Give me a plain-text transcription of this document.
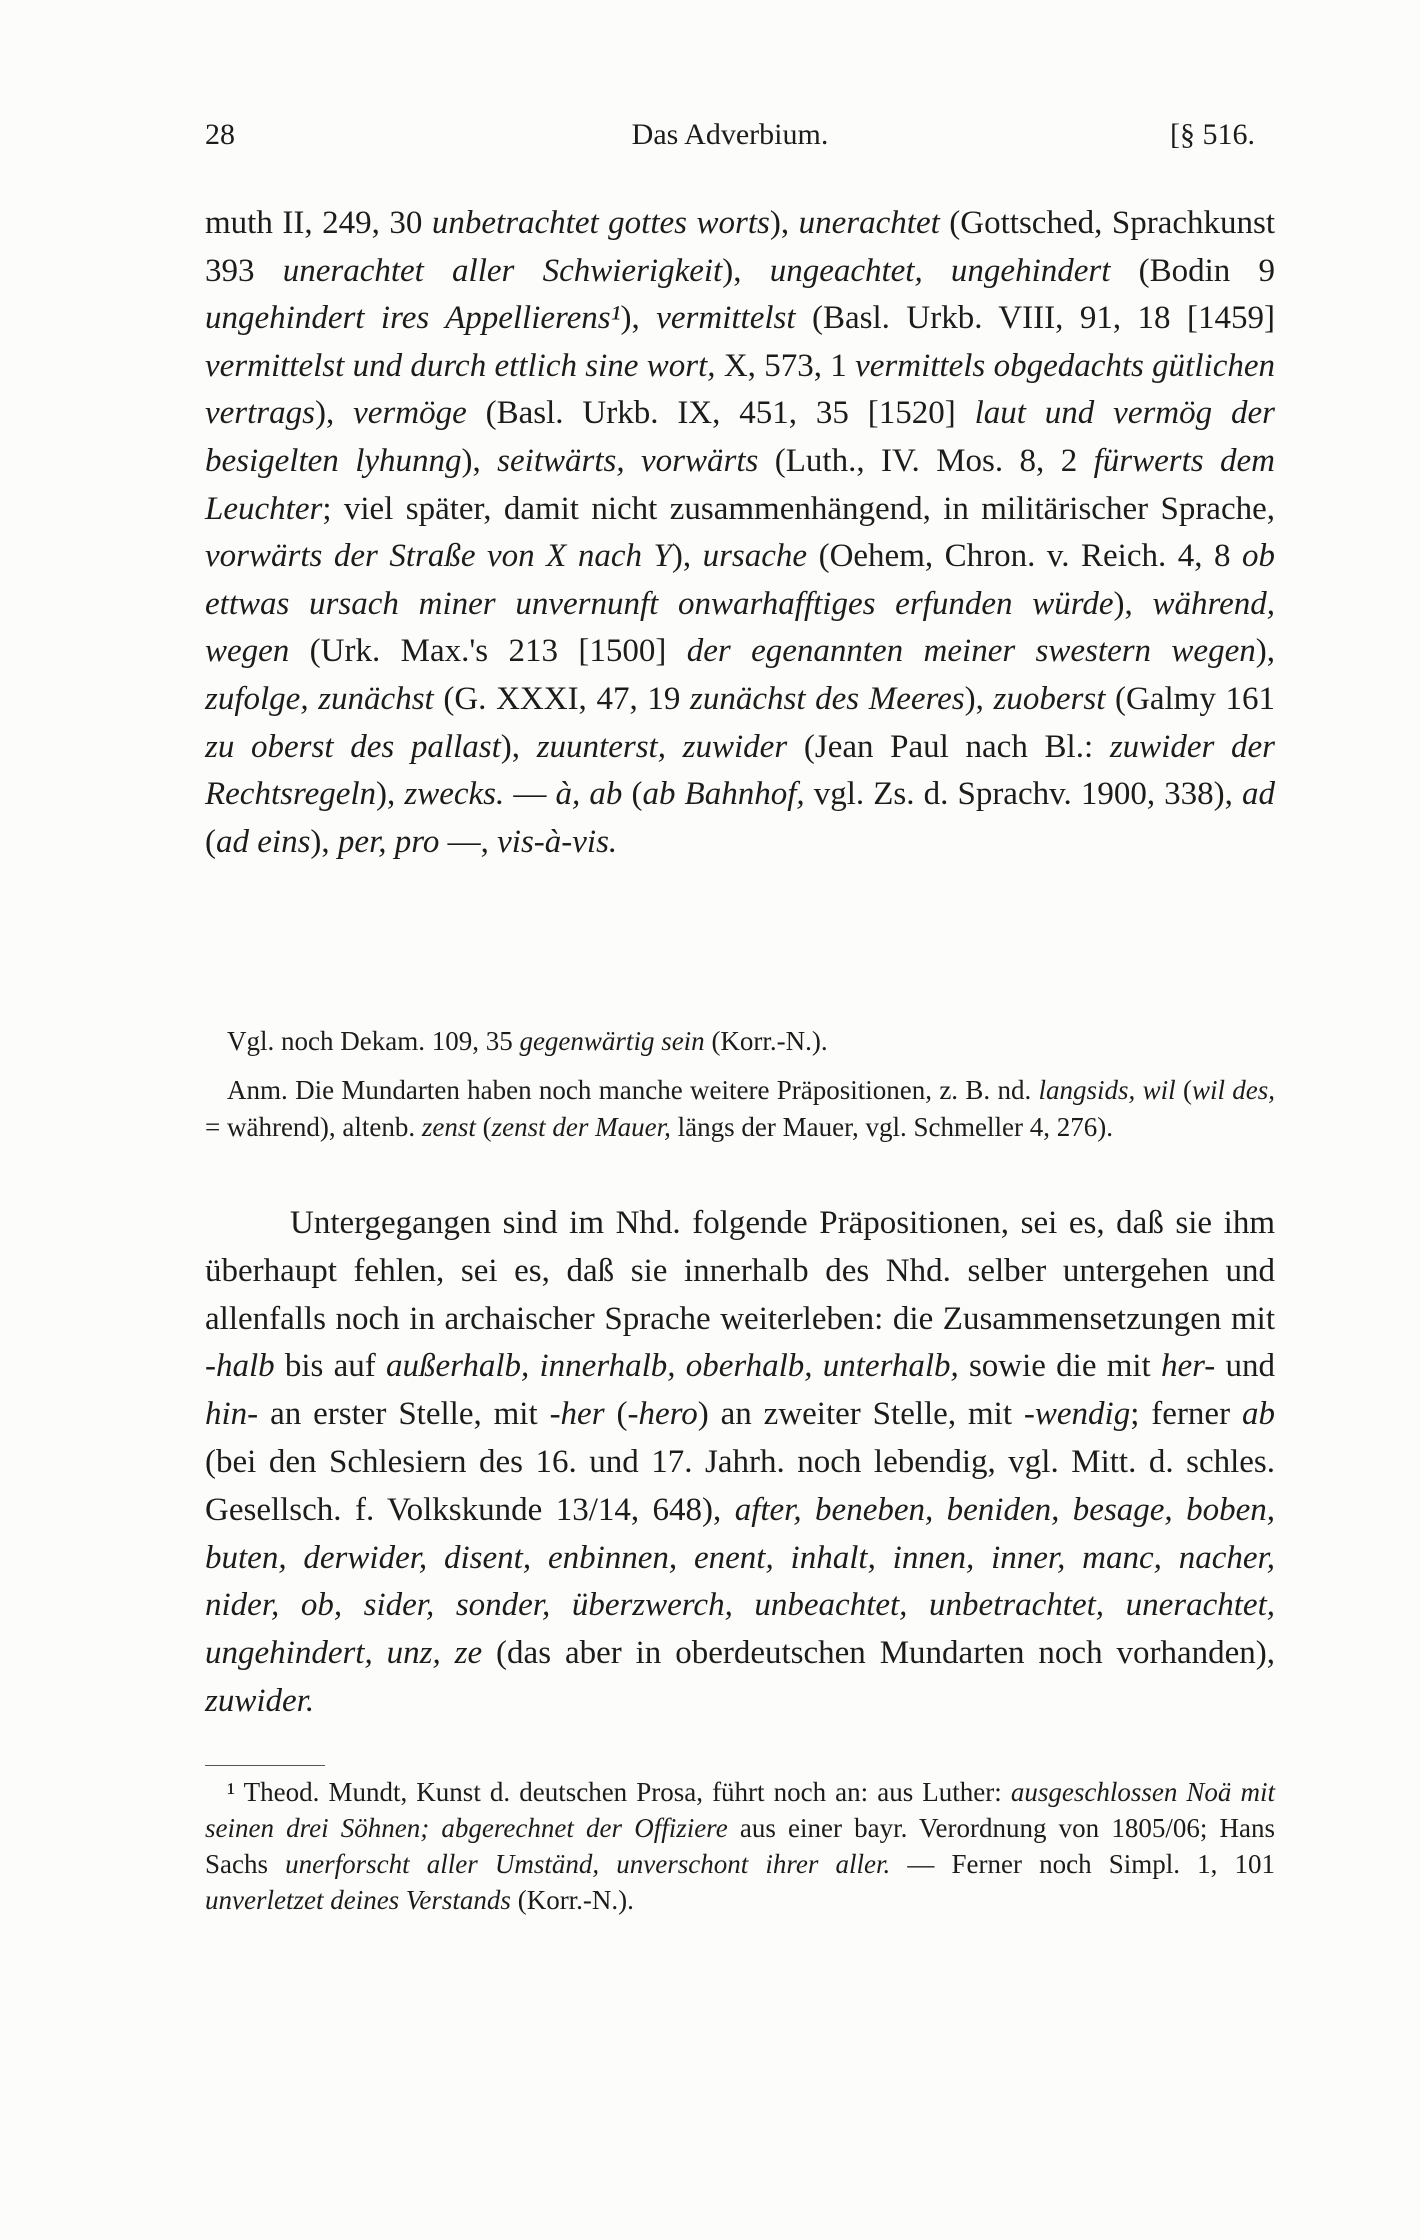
28	Das Adverbium.	[§ 516.
muth II, 249, 30 unbetrachtet gottes worts), unerachtet (Gottsched, Sprachkunst 393 unerachtet aller Schwierigkeit), ungeachtet, ungehindert (Bodin 9 ungehindert ires Appellierens¹), vermittelst (Basl. Urkb. VIII, 91, 18 [1459] vermittelst und durch ettlich sine wort, X, 573, 1 vermittels obgedachts gütlichen vertrags), vermöge (Basl. Urkb. IX, 451, 35 [1520] laut und vermög der besigelten lyhunng), seitwärts, vorwärts (Luth., IV. Mos. 8, 2 fürwerts dem Leuchter; viel später, damit nicht zusammenhängend, in militärischer Sprache, vorwärts der Straße von X nach Y), ursache (Oehem, Chron. v. Reich. 4, 8 ob ettwas ursach miner unvernunft onwarhafftiges erfunden würde), während, wegen (Urk. Max.'s 213 [1500] der egenannten meiner swestern wegen), zufolge, zunächst (G. XXXI, 47, 19 zunächst des Meeres), zuoberst (Galmy 161 zu oberst des pallast), zuunterst, zuwider (Jean Paul nach Bl.: zuwider der Rechtsregeln), zwecks. — à, ab (ab Bahnhof, vgl. Zs. d. Sprachv. 1900, 338), ad (ad eins), per, pro —, vis-à-vis.
Vgl. noch Dekam. 109, 35 gegenwärtig sein (Korr.-N.).
Anm. Die Mundarten haben noch manche weitere Präpositionen, z. B. nd. langsids, wil (wil des, = während), altenb. zenst (zenst der Mauer, längs der Mauer, vgl. Schmeller 4, 276).
Untergegangen sind im Nhd. folgende Präpositionen, sei es, daß sie ihm überhaupt fehlen, sei es, daß sie innerhalb des Nhd. selber untergehen und allenfalls noch in archaischer Sprache weiterleben: die Zusammensetzungen mit -halb bis auf außerhalb, innerhalb, oberhalb, unterhalb, sowie die mit her- und hin- an erster Stelle, mit -her (-hero) an zweiter Stelle, mit -wendig; ferner ab (bei den Schlesiern des 16. und 17. Jahrh. noch lebendig, vgl. Mitt. d. schles. Gesellsch. f. Volkskunde 13/14, 648), after, beneben, beniden, besage, boben, buten, derwider, disent, enbinnen, enent, inhalt, innen, inner, manc, nacher, nider, ob, sider, sonder, überzwerch, unbeachtet, unbetrachtet, unerachtet, ungehindert, unz, ze (das aber in oberdeutschen Mundarten noch vorhanden), zuwider.
¹ Theod. Mundt, Kunst d. deutschen Prosa, führt noch an: aus Luther: ausgeschlossen Noä mit seinen drei Söhnen; abgerechnet der Offiziere aus einer bayr. Verordnung von 1805/06; Hans Sachs unerforscht aller Umständ, unverschont ihrer aller. — Ferner noch Simpl. 1, 101 unverletzet deines Verstands (Korr.-N.).
